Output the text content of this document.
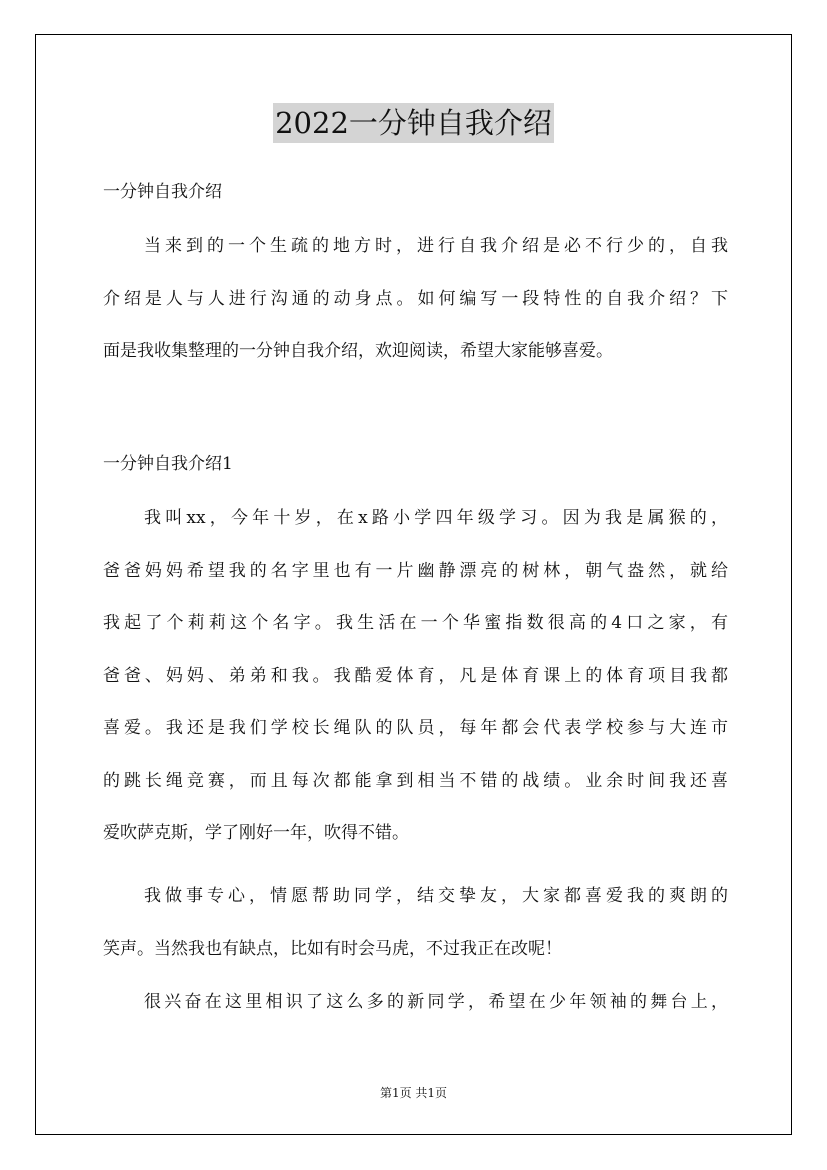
2022一分钟自我介绍
一分钟自我介绍
当来到的一个生疏的地方时，进行自我介绍是必不行少的，自我
介绍是人与人进行沟通的动身点。如何编写一段特性的自我介绍？下
面是我收集整理的一分钟自我介绍，欢迎阅读，希望大家能够喜爱。
一分钟自我介绍1
我叫xx，今年十岁，在x路小学四年级学习。因为我是属猴的，
爸爸妈妈希望我的名字里也有一片幽静漂亮的树林，朝气盎然，就给
我起了个莉莉这个名字。我生活在一个华蜜指数很高的4口之家，有
爸爸、妈妈、弟弟和我。我酷爱体育，凡是体育课上的体育项目我都
喜爱。我还是我们学校长绳队的队员，每年都会代表学校参与大连市
的跳长绳竞赛，而且每次都能拿到相当不错的战绩。业余时间我还喜
爱吹萨克斯，学了刚好一年，吹得不错。
我做事专心，情愿帮助同学，结交挚友，大家都喜爱我的爽朗的
笑声。当然我也有缺点，比如有时会马虎，不过我正在改呢！
很兴奋在这里相识了这么多的新同学，希望在少年领袖的舞台上，
第1页 共1页
